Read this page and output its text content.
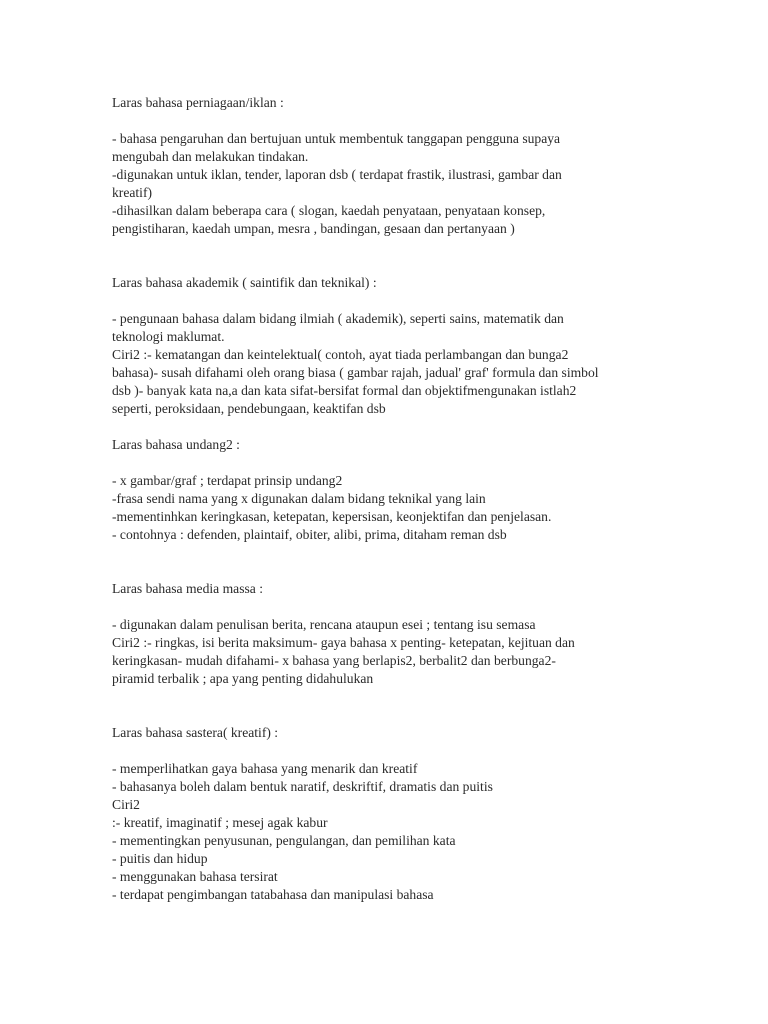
Laras bahasa perniagaan/iklan :
- bahasa pengaruhan dan bertujuan untuk membentuk tanggapan pengguna supaya
mengubah dan melakukan tindakan.
-digunakan untuk iklan, tender, laporan dsb ( terdapat frastik, ilustrasi, gambar dan
kreatif)
-dihasilkan dalam beberapa cara ( slogan, kaedah penyataan, penyataan konsep,
pengistiharan, kaedah umpan, mesra , bandingan, gesaan dan pertanyaan )
Laras bahasa akademik ( saintifik dan teknikal) :
- pengunaan bahasa dalam bidang ilmiah ( akademik), seperti sains, matematik dan
teknologi maklumat.
Ciri2 :- kematangan dan keintelektual( contoh, ayat tiada perlambangan dan bunga2
bahasa)- susah difahami oleh orang biasa ( gambar rajah, jadual' graf' formula dan simbol
dsb )- banyak kata na,a dan kata sifat-bersifat formal dan objektifmengunakan istlah2
seperti, peroksidaan, pendebungaan, keaktifan dsb
Laras bahasa undang2 :
- x gambar/graf ; terdapat prinsip undang2
-frasa sendi nama yang x digunakan dalam bidang teknikal yang lain
-mementinhkan keringkasan, ketepatan, kepersisan, keonjektifan dan penjelasan.
- contohnya : defenden, plaintaif, obiter, alibi, prima, ditaham reman dsb
Laras bahasa media massa :
- digunakan dalam penulisan berita, rencana ataupun esei ; tentang isu semasa
Ciri2 :- ringkas, isi berita maksimum- gaya bahasa x penting- ketepatan, kejituan dan
keringkasan- mudah difahami- x bahasa yang berlapis2, berbalit2 dan berbunga2-
piramid terbalik ; apa yang penting didahulukan
Laras bahasa sastera( kreatif) :
- memperlihatkan gaya bahasa yang menarik dan kreatif
- bahasanya boleh dalam bentuk naratif, deskriftif, dramatis dan puitis
Ciri2
:- kreatif, imaginatif ; mesej agak kabur
- mementingkan penyusunan, pengulangan, dan pemilihan kata
- puitis dan hidup
- menggunakan bahasa tersirat
- terdapat pengimbangan tatabahasa dan manipulasi bahasa
